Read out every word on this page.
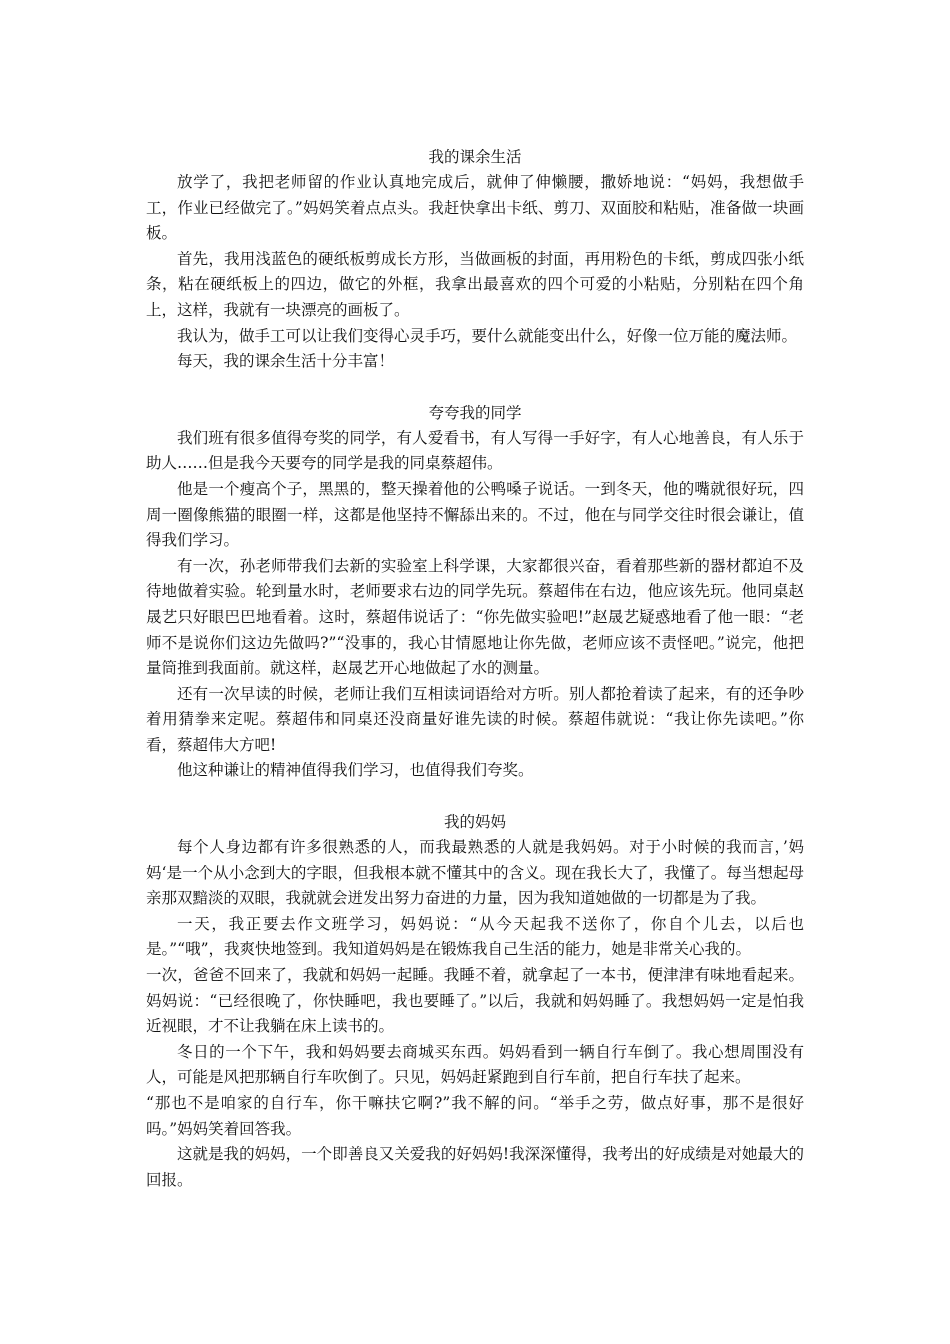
我的课余生活

放学了，我把老师留的作业认真地完成后，就伸了伸懒腰，撒娇地说：“妈妈，我想做手工，作业已经做完了。”妈妈笑着点点头。我赶快拿出卡纸、剪刀、双面胶和粘贴，准备做一块画板。

首先，我用浅蓝色的硬纸板剪成长方形，当做画板的封面，再用粉色的卡纸，剪成四张小纸条，粘在硬纸板上的四边，做它的外框，我拿出最喜欢的四个可爱的小粘贴，分别粘在四个角上，这样，我就有一块漂亮的画板了。

我认为，做手工可以让我们变得心灵手巧，要什么就能变出什么，好像一位万能的魔法师。

每天，我的课余生活十分丰富！

夸夸我的同学

我们班有很多值得夸奖的同学，有人爱看书，有人写得一手好字，有人心地善良，有人乐于助人……但是我今天要夸的同学是我的同桌蔡超伟。

他是一个瘦高个子，黑黑的，整天操着他的公鸭嗓子说话。一到冬天，他的嘴就很好玩，四周一圈像熊猫的眼圈一样，这都是他坚持不懈舔出来的。不过，他在与同学交往时很会谦让，值得我们学习。

有一次，孙老师带我们去新的实验室上科学课，大家都很兴奋，看着那些新的器材都迫不及待地做着实验。轮到量水时，老师要求右边的同学先玩。蔡超伟在右边，他应该先玩。他同桌赵晟艺只好眼巴巴地看着。这时，蔡超伟说话了：“你先做实验吧!”赵晟艺疑惑地看了他一眼：“老师不是说你们这边先做吗?”“没事的，我心甘情愿地让你先做，老师应该不责怪吧。”说完，他把量筒推到我面前。就这样，赵晟艺开心地做起了水的测量。

还有一次早读的时候，老师让我们互相读词语给对方听。别人都抢着读了起来，有的还争吵着用猜拳来定呢。蔡超伟和同桌还没商量好谁先读的时候。蔡超伟就说：“我让你先读吧。”你看，蔡超伟大方吧!

他这种谦让的精神值得我们学习，也值得我们夸奖。

我的妈妈

每个人身边都有许多很熟悉的人，而我最熟悉的人就是我妈妈。对于小时候的我而言，’妈妈‘是一个从小念到大的字眼，但我根本就不懂其中的含义。现在我长大了，我懂了。每当想起母亲那双黯淡的双眼，我就就会迸发出努力奋进的力量，因为我知道她做的一切都是为了我。

一天，我正要去作文班学习，妈妈说：“从今天起我不送你了，你自个儿去，以后也是。”“哦”，我爽快地签到。我知道妈妈是在锻炼我自己生活的能力，她是非常关心我的。

一次，爸爸不回来了，我就和妈妈一起睡。我睡不着，就拿起了一本书，便津津有味地看起来。妈妈说：“已经很晚了，你快睡吧，我也要睡了。”以后，我就和妈妈睡了。我想妈妈一定是怕我近视眼，才不让我躺在床上读书的。

冬日的一个下午，我和妈妈要去商城买东西。妈妈看到一辆自行车倒了。我心想周围没有人，可能是风把那辆自行车吹倒了。只见，妈妈赶紧跑到自行车前，把自行车扶了起来。

“那也不是咱家的自行车，你干嘛扶它啊?”我不解的问。“举手之劳，做点好事，那不是很好吗。”妈妈笑着回答我。

这就是我的妈妈，一个即善良又关爱我的好妈妈!我深深懂得，我考出的好成绩是对她最大的回报。
